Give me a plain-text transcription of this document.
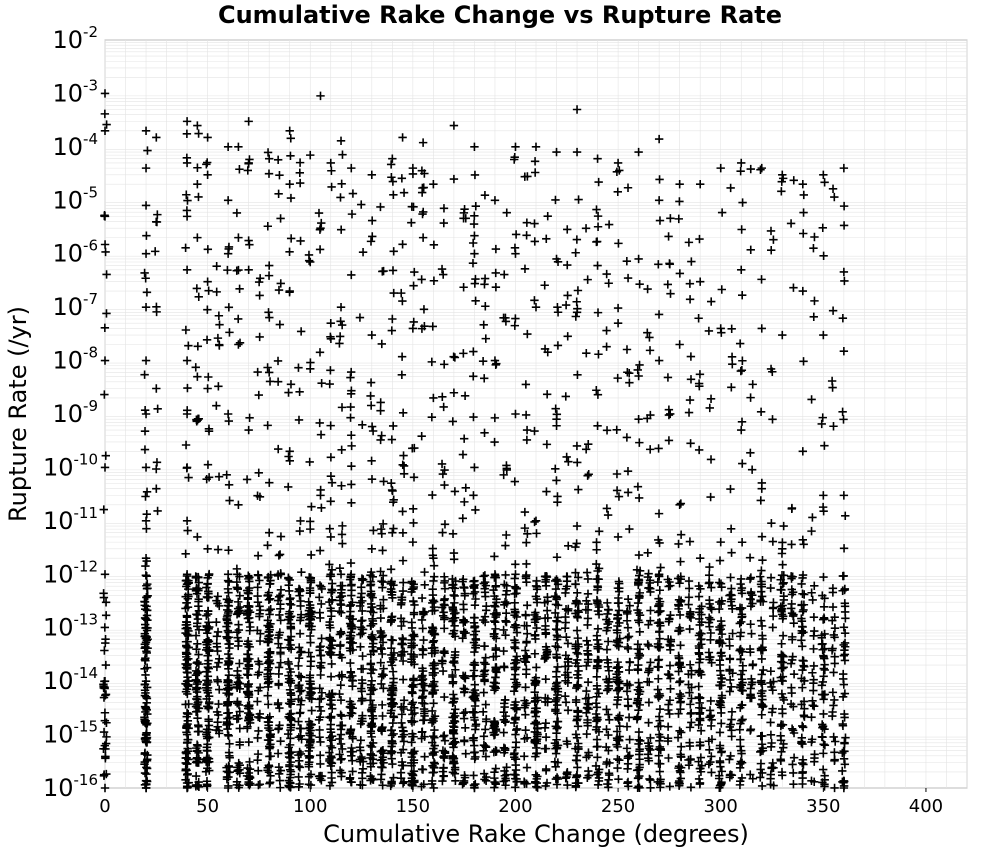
Cumulative Rake Change vs Rupture Rate
0	50	100	150	200	250	300	350	400
10-16
10-15
10-14
10-13
10-12
10-11
10-10
10-9
10-8
10-7
10-6
10-5
10-4
10-3
10-2
Cumulative Rake Change (degrees)
Rupture Rate (/yr)
